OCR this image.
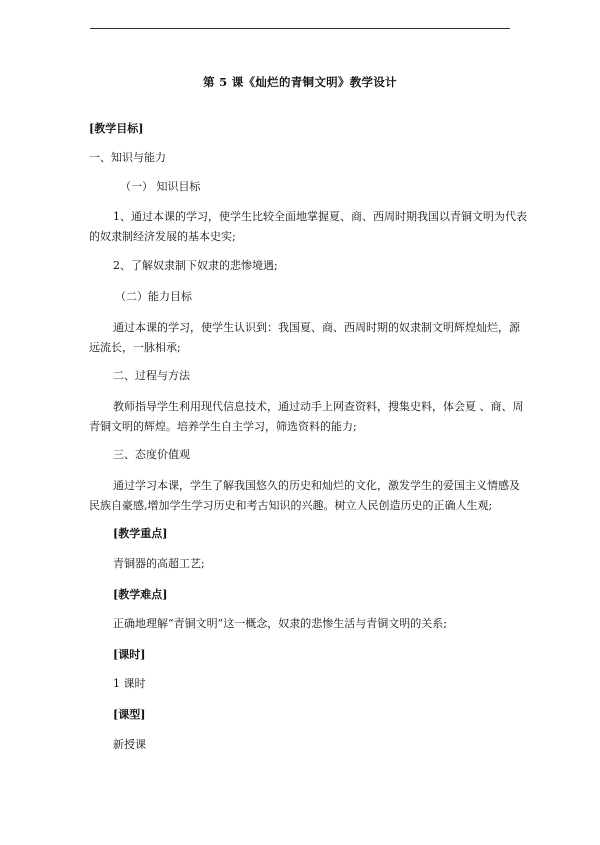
第 5 课《灿烂的青铜文明》教学设计
[教学目标]
一、知识与能力
（一） 知识目标
1、通过本课的学习，使学生比较全面地掌握夏、商、西周时期我国以青铜文明为代表
的奴隶制经济发展的基本史实;
2、了解奴隶制下奴隶的悲惨境遇;
（二）能力目标
通过本课的学习，使学生认识到：我国夏、商、西周时期的奴隶制文明辉煌灿烂，源
远流长，一脉相承;
二、过程与方法
教师指导学生利用现代信息技术，通过动手上网查资料，搜集史料，体会夏 、商、周
青铜文明的辉煌。培养学生自主学习，筛选资料的能力;
三、态度价值观
通过学习本课，学生了解我国悠久的历史和灿烂的文化，激发学生的爱国主义情感及
民族自豪感,增加学生学习历史和考古知识的兴趣。树立人民创造历史的正确人生观;
[教学重点]
青铜器的高超工艺;
[教学难点]
正确地理解“青铜文明”这一概念，奴隶的悲惨生活与青铜文明的关系;
[课时]
1 课时
[课型]
新授课
